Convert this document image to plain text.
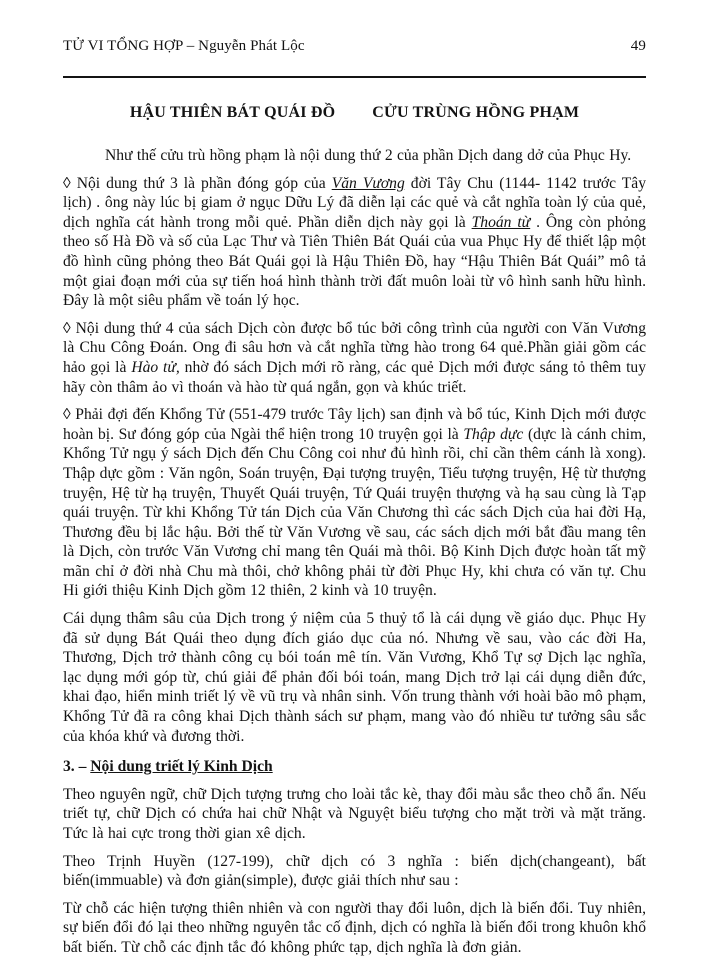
TỬ VI TỔNG HỢP – Nguyễn Phát Lộc	49
HẬU THIÊN BÁT QUÁI ĐỒ CỬU TRÙNG HỒNG PHẠM

Như thế cửu trù hồng phạm là nội dung thứ 2 của phần Dịch dang dở của Phục Hy.

◊ Nội dung thứ 3 là phần đóng góp của Văn Vương đời Tây Chu (1144- 1142 trước Tây lịch) . ông này lúc bị giam ở ngục Dữu Lý đã diễn lại các quẻ và cắt nghĩa toàn lý của quẻ, dịch nghĩa cát hành trong mỗi quẻ. Phần diễn dịch này gọi là Thoán từ . Ông còn phỏng theo số Hà Đồ và số của Lạc Thư và Tiên Thiên Bát Quái của vua Phục Hy để thiết lập một đồ hình cũng phỏng theo Bát Quái gọi là Hậu Thiên Đồ, hay “Hậu Thiên Bát Quái” mô tả một giai đoạn mới của sự tiến hoá hình thành trời đất muôn loài từ vô hình sanh hữu hình. Đây là một siêu phẩm về toán lý học.

◊ Nội dung thứ 4 của sách Dịch còn được bổ túc bởi công trình của người con Văn Vương là Chu Công Đoán. Ong đi sâu hơn và cắt nghĩa từng hào trong 64 quẻ.Phần giải gồm các hảo gọi là Hào tử, nhờ đó sách Dịch mới rõ ràng, các quẻ Dịch mới được sáng tỏ thêm tuy hãy còn thâm ảo vì thoán và hào từ quá ngắn, gọn và khúc triết.

◊ Phải đợi đến Khổng Tử (551-479 trước Tây lịch) san định và bổ túc, Kinh Dịch mới được hoàn bị. Sư đóng góp của Ngài thể hiện trong 10 truyện gọi là Thập dực (dực là cánh chim, Khổng Tử ngụ ý sách Dịch đến Chu Công coi như đủ hình rồi, chỉ cần thêm cánh là xong). Thập dực gồm : Văn ngôn, Soán truyện, Đại tượng truyện, Tiểu tượng truyện, Hệ từ thượng truyện, Hệ từ hạ truyện, Thuyết Quái truyện, Tứ Quái truyện thượng và hạ sau cùng là Tạp quái truyện. Từ khi Khổng Tử tán Dịch của Văn Chương thì các sách Dịch của hai đời Hạ, Thương đều bị lắc hậu. Bởi thế từ Văn Vương về sau, các sách dịch mới bắt đầu mang tên là Dịch, còn trước Văn Vương chỉ mang tên Quái mà thôi. Bộ Kinh Dịch được hoàn tất mỹ mãn chỉ ở đời nhà Chu mà thôi, chở không phải từ đời Phục Hy, khi chưa có văn tự. Chu Hi giới thiệu Kinh Dịch gồm 12 thiên, 2 kinh và 10 truyện.

Cái dụng thâm sâu của Dịch trong ý niệm của 5 thuỷ tổ là cái dụng về giáo dục. Phục Hy đã sử dụng Bát Quái theo dụng đích giáo dục của nó. Nhưng về sau, vào các đời Ha, Thương, Dịch trở thành công cụ bói toán mê tín. Văn Vương, Khổ Tự sợ Dịch lạc nghĩa, lạc dụng mới góp từ, chú giải để phản đối bói toán, mang Dịch trở lại cái dụng diễn đức, khai đạo, hiển minh triết lý về vũ trụ và nhân sinh. Vốn trung thành với hoài bão mô phạm, Khổng Tử đã ra công khai Dịch thành sách sư phạm, mang vào đó nhiều tư tưởng sâu sắc của khóa khứ và đương thời.

3. – Nội dung triết lý Kinh Dịch

Theo nguyên ngữ, chữ Dịch tượng trưng cho loài tắc kè, thay đổi màu sắc theo chỗ ẩn. Nếu triết tự, chữ Dịch có chứa hai chữ Nhật và Nguyệt biểu tượng cho mặt trời và mặt trăng. Tức là hai cực trong thời gian xê dịch.

Theo Trịnh Huyền (127-199), chữ dịch có 3 nghĩa : biến dịch(changeant), bất biến(immuable) và đơn giản(simple), được giải thích như sau :

Từ chỗ các hiện tượng thiên nhiên và con người thay đổi luôn, dịch là biến đổi. Tuy nhiên, sự biến đổi đó lại theo những nguyên tắc cố định, dịch có nghĩa là biến đổi trong khuôn khổ bất biến. Từ chỗ các định tắc đó không phức tạp, dịch nghĩa là đơn giản.
